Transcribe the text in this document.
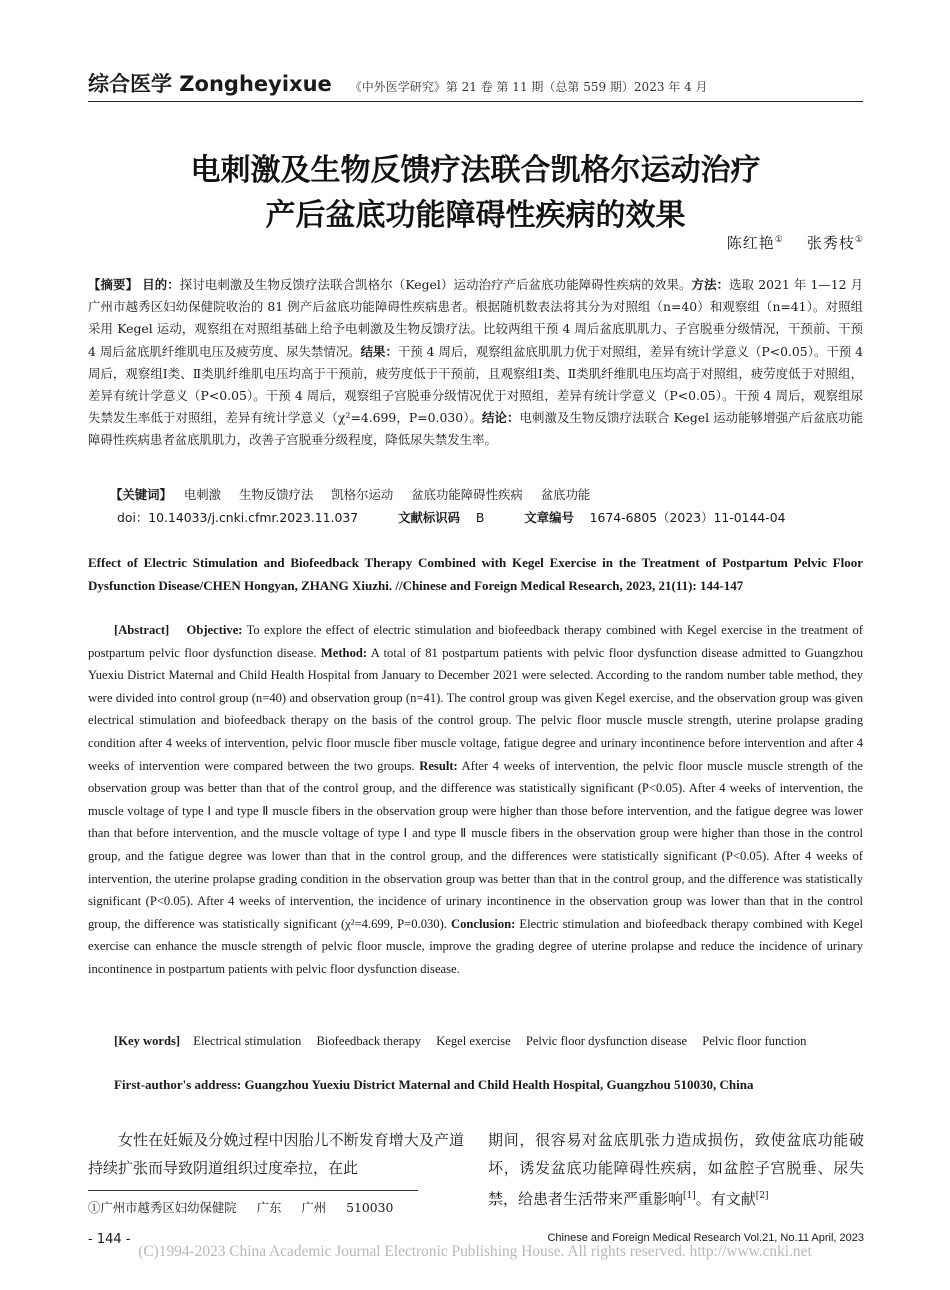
综合医学 Zongheyixue 《中外医学研究》第 21 卷 第 11 期（总第 559 期）2023 年 4 月
电刺激及生物反馈疗法联合凯格尔运动治疗
产后盆底功能障碍性疾病的效果
陈红艳① 张秀枝①
【摘要】 目的：探讨电刺激及生物反馈疗法联合凯格尔（Kegel）运动治疗产后盆底功能障碍性疾病的效果。方法：选取 2021 年 1—12 月广州市越秀区妇幼保健院收治的 81 例产后盆底功能障碍性疾病患者。根据随机数表法将其分为对照组（n=40）和观察组（n=41）。对照组采用 Kegel 运动，观察组在对照组基础上给予电刺激及生物反馈疗法。比较两组干预 4 周后盆底肌肌力、子宫脱垂分级情况，干预前、干预 4 周后盆底肌纤维肌电压及疲劳度、尿失禁情况。结果：干预 4 周后，观察组盆底肌肌力优于对照组，差异有统计学意义（P<0.05）。干预 4 周后，观察组Ⅰ类、Ⅱ类肌纤维肌电压均高于干预前，疲劳度低于干预前，且观察组Ⅰ类、Ⅱ类肌纤维肌电压均高于对照组，疲劳度低于对照组，差异有统计学意义（P<0.05）。干预 4 周后，观察组子宫脱垂分级情况优于对照组，差异有统计学意义（P<0.05）。干预 4 周后，观察组尿失禁发生率低于对照组，差异有统计学意义（χ²=4.699，P=0.030）。结论：电刺激及生物反馈疗法联合 Kegel 运动能够增强产后盆底功能障碍性疾病患者盆底肌肌力，改善子宫脱垂分级程度，降低尿失禁发生率。
【关键词】 电刺激 生物反馈疗法 凯格尔运动 盆底功能障碍性疾病 盆底功能
doi：10.14033/j.cnki.cfmr.2023.11.037	文献标识码 B	文章编号 1674-6805（2023）11-0144-04
Effect of Electric Stimulation and Biofeedback Therapy Combined with Kegel Exercise in the Treatment of Postpartum Pelvic Floor Dysfunction Disease/CHEN Hongyan, ZHANG Xiuzhi. //Chinese and Foreign Medical Research, 2023, 21(11): 144-147
[Abstract] Objective: To explore the effect of electric stimulation and biofeedback therapy combined with Kegel exercise in the treatment of postpartum pelvic floor dysfunction disease. Method: A total of 81 postpartum patients with pelvic floor dysfunction disease admitted to Guangzhou Yuexiu District Maternal and Child Health Hospital from January to December 2021 were selected. According to the random number table method, they were divided into control group (n=40) and observation group (n=41). The control group was given Kegel exercise, and the observation group was given electrical stimulation and biofeedback therapy on the basis of the control group. The pelvic floor muscle muscle strength, uterine prolapse grading condition after 4 weeks of intervention, pelvic floor muscle fiber muscle voltage, fatigue degree and urinary incontinence before intervention and after 4 weeks of intervention were compared between the two groups. Result: After 4 weeks of intervention, the pelvic floor muscle muscle strength of the observation group was better than that of the control group, and the difference was statistically significant (P<0.05). After 4 weeks of intervention, the muscle voltage of type Ⅰ and type Ⅱ muscle fibers in the observation group were higher than those before intervention, and the fatigue degree was lower than that before intervention, and the muscle voltage of type Ⅰ and type Ⅱ muscle fibers in the observation group were higher than those in the control group, and the fatigue degree was lower than that in the control group, and the differences were statistically significant (P<0.05). After 4 weeks of intervention, the uterine prolapse grading condition in the observation group was better than that in the control group, and the difference was statistically significant (P<0.05). After 4 weeks of intervention, the incidence of urinary incontinence in the observation group was lower than that in the control group, the difference was statistically significant (χ²=4.699, P=0.030). Conclusion: Electric stimulation and biofeedback therapy combined with Kegel exercise can enhance the muscle strength of pelvic floor muscle, improve the grading degree of uterine prolapse and reduce the incidence of urinary incontinence in postpartum patients with pelvic floor dysfunction disease.
[Key words] Electrical stimulation Biofeedback therapy Kegel exercise Pelvic floor dysfunction disease Pelvic floor function
First-author's address: Guangzhou Yuexiu District Maternal and Child Health Hospital, Guangzhou 510030, China
女性在妊娠及分娩过程中因胎儿不断发育增大及产道持续扩张而导致阴道组织过度牵拉，在此
期间，很容易对盆底肌张力造成损伤，致使盆底功能破坏，诱发盆底功能障碍性疾病，如盆腔子宫脱垂、尿失禁，给患者生活带来严重影响[1]。有文献[2]
①广州市越秀区妇幼保健院 广东 广州 510030
- 144 -	Chinese and Foreign Medical Research Vol.21, No.11 April, 2023
(C)1994-2023 China Academic Journal Electronic Publishing House. All rights reserved. http://www.cnki.net
